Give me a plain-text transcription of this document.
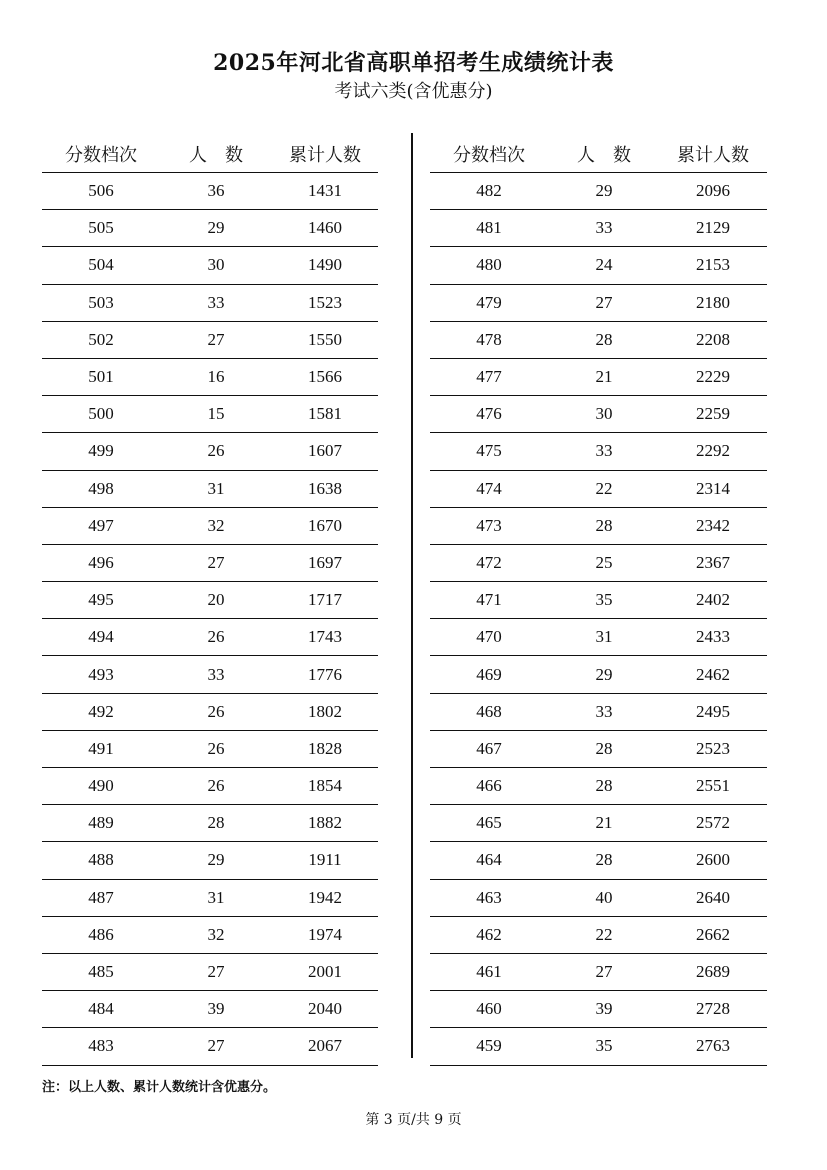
2025年河北省高职单招考生成绩统计表
考试六类(含优惠分)
分数档次	人　数	累计人数
506	36	1431
505	29	1460
504	30	1490
503	33	1523
502	27	1550
501	16	1566
500	15	1581
499	26	1607
498	31	1638
497	32	1670
496	27	1697
495	20	1717
494	26	1743
493	33	1776
492	26	1802
491	26	1828
490	26	1854
489	28	1882
488	29	1911
487	31	1942
486	32	1974
485	27	2001
484	39	2040
483	27	2067
分数档次	人　数	累计人数
482	29	2096
481	33	2129
480	24	2153
479	27	2180
478	28	2208
477	21	2229
476	30	2259
475	33	2292
474	22	2314
473	28	2342
472	25	2367
471	35	2402
470	31	2433
469	29	2462
468	33	2495
467	28	2523
466	28	2551
465	21	2572
464	28	2600
463	40	2640
462	22	2662
461	27	2689
460	39	2728
459	35	2763
注：以上人数、累计人数统计含优惠分。
第 3 页/共 9 页
